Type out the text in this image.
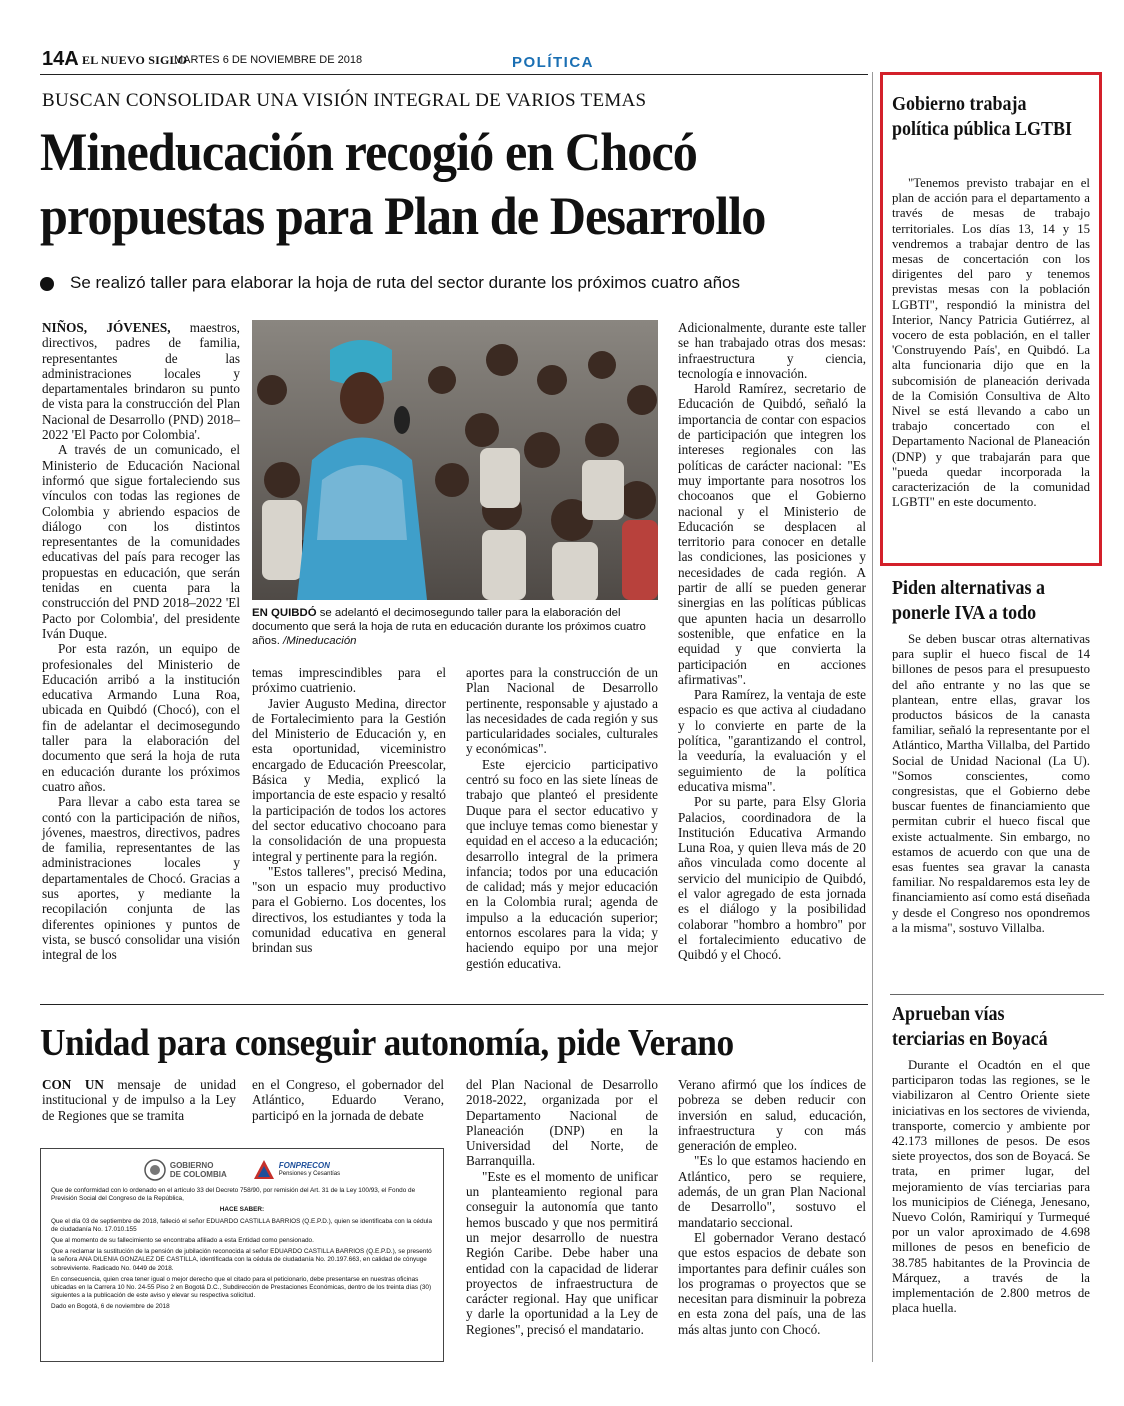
14A EL NUEVO SIGLO
MARTES 6 DE NOVIEMBRE DE 2018	POLÍTICA
BUSCAN CONSOLIDAR UNA VISIÓN INTEGRAL DE VARIOS TEMAS
Mineducación recogió en Chocó propuestas para Plan de Desarrollo
Se realizó taller para elaborar la hoja de ruta del sector durante los próximos cuatro años

NIÑOS, JÓVENES, maestros, directivos, padres de familia, representantes de las administraciones locales y departamentales brindaron su punto de vista para la construcción del Plan Nacional de Desarrollo (PND) 2018–2022 'El Pacto por Colombia'.

A través de un comunicado, el Ministerio de Educación Nacional informó que sigue fortaleciendo sus vínculos con todas las regiones de Colombia y abriendo espacios de diálogo con los distintos representantes de la comunidades educativas del país para recoger las propuestas en educación, que serán tenidas en cuenta para la construcción del PND 2018–2022 'El Pacto por Colombia', del presidente Iván Duque.

Por esta razón, un equipo de profesionales del Ministerio de Educación arribó a la institución educativa Armando Luna Roa, ubicada en Quibdó (Chocó), con el fin de adelantar el decimosegundo taller para la elaboración del documento que será la hoja de ruta en educación durante los próximos cuatro años.

Para llevar a cabo esta tarea se contó con la participación de niños, jóvenes, maestros, directivos, padres de familia, representantes de las administraciones locales y departamentales de Chocó. Gracias a sus aportes, y mediante la recopilación conjunta de las diferentes opiniones y puntos de vista, se buscó consolidar una visión integral de los

EN QUIBDÓ se adelantó el decimosegundo taller para la elaboración del documento que será la hoja de ruta en educación durante los próximos cuatro años. /Mineducación

temas imprescindibles para el próximo cuatrienio.

Javier Augusto Medina, director de Fortalecimiento para la Gestión del Ministerio de Educación y, en esta oportunidad, viceministro encargado de Educación Preescolar, Básica y Media, explicó la importancia de este espacio y resaltó la participación de todos los actores del sector educativo chocoano para la consolidación de una propuesta integral y pertinente para la región.

"Estos talleres", precisó Medina, "son un espacio muy productivo para el Gobierno. Los docentes, los directivos, los estudiantes y toda la comunidad educativa en general brindan sus

aportes para la construcción de un Plan Nacional de Desarrollo pertinente, responsable y ajustado a las necesidades de cada región y sus particularidades sociales, culturales y económicas".

Este ejercicio participativo centró su foco en las siete líneas de trabajo que planteó el presidente Duque para el sector educativo y que incluye temas como bienestar y equidad en el acceso a la educación; desarrollo integral de la primera infancia; todos por una educación de calidad; más y mejor educación en la Colombia rural; agenda de impulso a la educación superior; entornos escolares para la vida; y haciendo equipo por una mejor gestión educativa.

Adicionalmente, durante este taller se han trabajado otras dos mesas: infraestructura y ciencia, tecnología e innovación.

Harold Ramírez, secretario de Educación de Quibdó, señaló la importancia de contar con espacios de participación que integren los intereses regionales con las políticas de carácter nacional: "Es muy importante para nosotros los chocoanos que el Gobierno nacional y el Ministerio de Educación se desplacen al territorio para conocer en detalle las condiciones, las posiciones y necesidades de cada región. A partir de allí se pueden generar sinergias en las políticas públicas que apunten hacia un desarrollo sostenible, que enfatice en la equidad y que convierta la participación en acciones afirmativas".

Para Ramírez, la ventaja de este espacio es que activa al ciudadano y lo convierte en parte de la política, "garantizando el control, la veeduría, la evaluación y el seguimiento de la política educativa misma".

Por su parte, para Elsy Gloria Palacios, coordinadora de la Institución Educativa Armando Luna Roa, y quien lleva más de 20 años vinculada como docente al servicio del municipio de Quibdó, el valor agregado de esta jornada es el diálogo y la posibilidad colaborar "hombro a hombro" por el fortalecimiento educativo de Quibdó y el Chocó.

Gobierno trabaja política pública LGTBI

"Tenemos previsto trabajar en el plan de acción para el departamento a través de mesas de trabajo territoriales. Los días 13, 14 y 15 vendremos a trabajar dentro de las mesas de concertación con los dirigentes del paro y tenemos previstas mesas con la población LGBTI", respondió la ministra del Interior, Nancy Patricia Gutiérrez, al vocero de esta población, en el taller 'Construyendo País', en Quibdó. La alta funcionaria dijo que en la subcomisión de planeación derivada de la Comisión Consultiva de Alto Nivel se está llevando a cabo un trabajo concertado con el Departamento Nacional de Planeación (DNP) y que trabajarán para que "pueda quedar incorporada la caracterización de la comunidad LGBTI" en este documento.

Piden alternativas a ponerle IVA a todo

Se deben buscar otras alternativas para suplir el hueco fiscal de 14 billones de pesos para el presupuesto del año entrante y no las que se plantean, entre ellas, gravar los productos básicos de la canasta familiar, señaló la representante por el Atlántico, Martha Villalba, del Partido Social de Unidad Nacional (La U). "Somos conscientes, como congresistas, que el Gobierno debe buscar fuentes de financiamiento que permitan cubrir el hueco fiscal que existe actualmente. Sin embargo, no estamos de acuerdo con que una de esas fuentes sea gravar la canasta familiar. No respaldaremos esta ley de financiamiento así como está diseñada y desde el Congreso nos opondremos a la misma", sostuvo Villalba.

Aprueban vías terciarias en Boyacá

Durante el Ocadtón en el que participaron todas las regiones, se le viabilizaron al Centro Oriente siete iniciativas en los sectores de vivienda, transporte, comercio y ambiente por 42.173 millones de pesos. De esos siete proyectos, dos son de Boyacá. Se trata, en primer lugar, del mejoramiento de vías terciarias para los municipios de Ciénega, Jenesano, Nuevo Colón, Ramiriquí y Turmequé por un valor aproximado de 4.698 millones de pesos en beneficio de 38.785 habitantes de la Provincia de Márquez, a través de la implementación de 2.800 metros de placa huella.

Unidad para conseguir autonomía, pide Verano

CON UN mensaje de unidad institucional y de impulso a la Ley de Regiones que se tramita

en el Congreso, el gobernador del Atlántico, Eduardo Verano, participó en la jornada de debate

del Plan Nacional de Desarrollo 2018-2022, organizada por el Departamento Nacional de Planeación (DNP) en la Universidad del Norte, de Barranquilla.

"Este es el momento de unificar un planteamiento regional para conseguir la autonomía que tanto hemos buscado y que nos permitirá un mejor desarrollo de nuestra Región Caribe. Debe haber una entidad con la capacidad de liderar proyectos de infraestructura de carácter regional. Hay que unificar y darle la oportunidad a la Ley de Regiones", precisó el mandatario.

Verano afirmó que los índices de pobreza se deben reducir con inversión en salud, educación, infraestructura y con más generación de empleo.

"Es lo que estamos haciendo en Atlántico, pero se requiere, además, de un gran Plan Nacional de Desarrollo", sostuvo el mandatario seccional.

El gobernador Verano destacó que estos espacios de debate son importantes para definir cuáles son los programas o proyectos que se necesitan para disminuir la pobreza en esta zona del país, una de las más altas junto con Chocó.

GOBIERNO
DE COLOMBIA
FONPRECON
Pensiones y Cesantías

Que de conformidad con lo ordenado en el artículo 33 del Decreto 758/90, por remisión del Art. 31 de la Ley 100/93, el Fondo de Previsión Social del Congreso de la República,

HACE SABER:

Que el día 03 de septiembre de 2018, falleció el señor EDUARDO CASTILLA BARRIOS (Q.E.P.D.), quien se identificaba con la cédula de ciudadanía No. 17.010.155

Que al momento de su fallecimiento se encontraba afiliado a esta Entidad como pensionado.

Que a reclamar la sustitución de la pensión de jubilación reconocida al señor EDUARDO CASTILLA BARRIOS (Q.E.P.D.), se presentó la señora ANA DILENIA GONZALEZ DE CASTILLA, identificada con la cédula de ciudadanía No. 20.197.663, en calidad de cónyuge sobreviviente. Radicado No. 0449 de 2018.

En consecuencia, quien crea tener igual o mejor derecho que el citado para el peticionario, debe presentarse en nuestras oficinas ubicadas en la Carrera 10 No. 24-55 Piso 2 en Bogotá D.C., Subdirección de Prestaciones Económicas, dentro de los treinta días (30) siguientes a la publicación de este aviso y elevar su respectiva solicitud.

Dado en Bogotá, 6 de noviembre de 2018
